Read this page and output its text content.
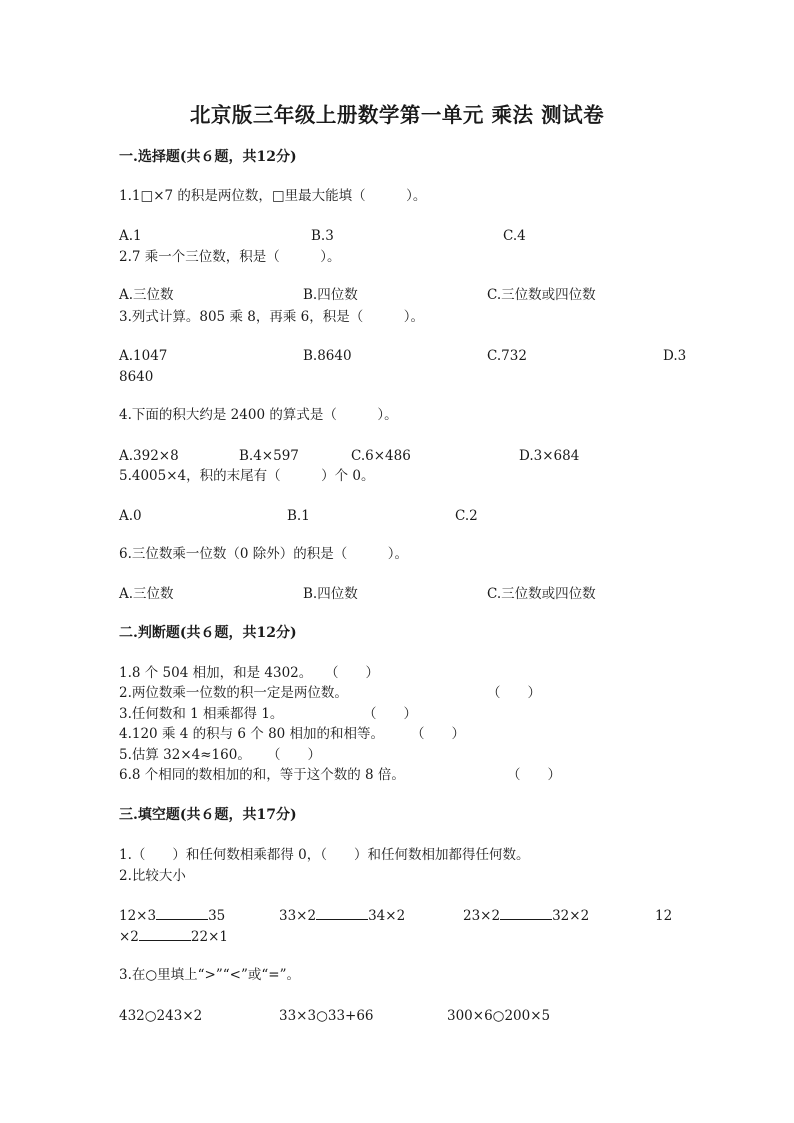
北京版三年级上册数学第一单元 乘法 测试卷
一.选择题(共６题，共12分)
1.1□×7 的积是两位数，□里最大能填（　　　）。
A.1	B.3	C.4
2.7 乘一个三位数，积是（　　　）。
A.三位数	B.四位数	C.三位数或四位数
3.列式计算。805 乘 8，再乘 6，积是（　　　）。
A.1047	B.8640	C.732	D.3
8640
4.下面的积大约是 2400 的算式是（　　　）。
A.392×8	B.4×597	C.6×486	D.3×684
5.4005×4，积的末尾有（　　　）个 0。
A.0	B.1	C.2
6.三位数乘一位数（0 除外）的积是（　　　）。
A.三位数	B.四位数	C.三位数或四位数
二.判断题(共６题，共12分)
1.8 个 504 相加，和是 4302。 （　　）
2.两位数乘一位数的积一定是两位数。	（　　）
3.任何数和 1 相乘都得 1。	（　　）
4.120 乘 4 的积与 6 个 80 相加的和相等。 （　　）
5.估算 32×4≈160。 （　　）
6.8 个相同的数相加的和，等于这个数的 8 倍。	（　　）
三.填空题(共６题，共17分)
1.（　　）和任何数相乘都得 0，（　　）和任何数相加都得任何数。
2.比较大小
12×3	35	33×2	34×2	23×2	32×2	12
×2	22×1
3.在○里填上“>”“<”或“=”。
432○243×2	33×3○33+66	300×6○200×5
